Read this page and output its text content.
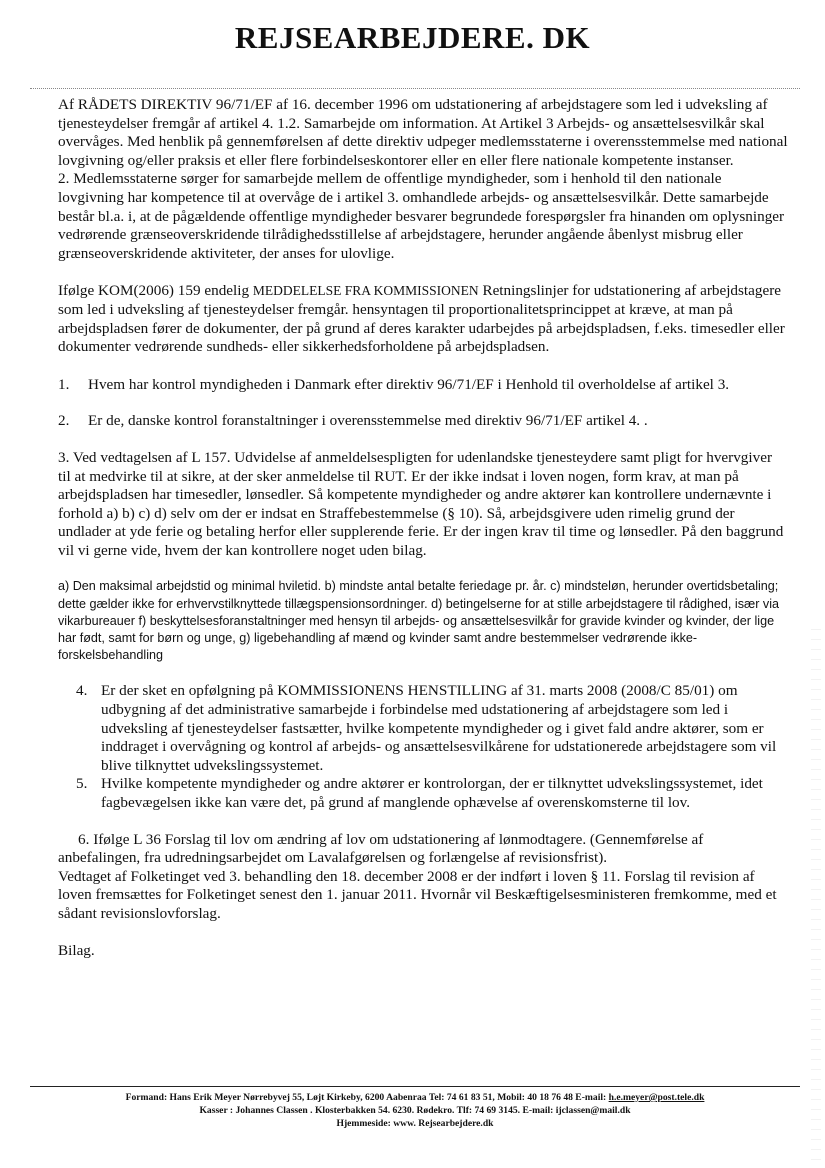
REJSEARBEJDERE. DK

Af RÅDETS DIREKTIV 96/71/EF af 16. december 1996 om udstationering af arbejdstagere som led i udveksling af tjenesteydelser fremgår af artikel 4. 1.2. Samarbejde om information. At Artikel 3 Arbejds- og ansættelsesvilkår skal overvåges. Med henblik på gennemførelsen af dette direktiv udpeger medlemsstaterne i overensstemmelse med national lovgivning og/eller praksis et eller flere forbindelseskontorer eller en eller flere nationale kompetente instanser.

2. Medlemsstaterne sørger for samarbejde mellem de offentlige myndigheder, som i henhold til den nationale lovgivning har kompetence til at overvåge de i artikel 3. omhandlede arbejds- og ansættelsesvilkår. Dette samarbejde består bl.a. i, at de pågældende offentlige myndigheder besvarer begrundede forespørgsler fra hinanden om oplysninger vedrørende grænseoverskridende tilrådighedsstillelse af arbejdstagere, herunder angående åbenlyst misbrug eller grænseoverskridende aktiviteter, der anses for ulovlige.

Ifølge KOM(2006) 159 endelig MEDDELELSE FRA KOMMISSIONEN Retningslinjer for udstationering af arbejdstagere som led i udveksling af tjenesteydelser fremgår. hensyntagen til proportionalitetsprincippet at kræve, at man på arbejdspladsen fører de dokumenter, der på grund af deres karakter udarbejdes på arbejdspladsen, f.eks. timesedler eller dokumenter vedrørende sundheds- eller sikkerhedsforholdene på arbejdspladsen.

1.	Hvem har kontrol myndigheden i Danmark efter direktiv 96/71/EF i Henhold til overholdelse af artikel 3.
2.	Er de, danske kontrol foranstaltninger i overensstemmelse med direktiv 96/71/EF artikel 4. .

3. Ved vedtagelsen af L 157. Udvidelse af anmeldelsespligten for udenlandske tjenesteydere samt pligt for hvervgiver til at medvirke til at sikre, at der sker anmeldelse til RUT. Er der ikke indsat i loven nogen, form krav, at man på arbejdspladsen har timesedler, lønsedler. Så kompetente myndigheder og andre aktører kan kontrollere undernævnte i forhold a) b) c) d) selv om der er indsat en Straffebestemmelse (§ 10). Så, arbejdsgivere uden rimelig grund der undlader at yde ferie og betaling herfor eller supplerende ferie. Er der ingen krav til time og lønsedler. På den baggrund vil vi gerne vide, hvem der kan kontrollere noget uden bilag.

a) Den maksimal arbejdstid og minimal hviletid. b) mindste antal betalte feriedage pr. år. c) mindsteløn, herunder overtidsbetaling; dette gælder ikke for erhvervstilknyttede tillægspensionsordninger. d) betingelserne for at stille arbejdstagere til rådighed, især via vikarbureauer f) beskyttelsesforanstaltninger med hensyn til arbejds- og ansættelsesvilkår for gravide kvinder og kvinder, der lige har født, samt for børn og unge, g) ligebehandling af mænd og kvinder samt andre bestemmelser vedrørende ikke-forskelsbehandling

4. Er der sket en opfølgning på KOMMISSIONENS HENSTILLING af 31. marts 2008 (2008/C 85/01) om udbygning af det administrative samarbejde i forbindelse med udstationering af arbejdstagere som led i udveksling af tjenesteydelser fastsætter, hvilke kompetente myndigheder og i givet fald andre aktører, som er inddraget i overvågning og kontrol af arbejds- og ansættelsesvilkårene for udstationerede arbejdstagere som vil blive tilknyttet udvekslingssystemet.
5. Hvilke kompetente myndigheder og andre aktører er kontrolorgan, der er tilknyttet udvekslingssystemet, idet fagbevægelsen ikke kan være det, på grund af manglende ophævelse af overenskomsterne til lov.

6. Ifølge L 36 Forslag til lov om ændring af lov om udstationering af lønmodtagere. (Gennemførelse af anbefalingen, fra udredningsarbejdet om Lavalafgørelsen og forlængelse af revisionsfrist).

Vedtaget af Folketinget ved 3. behandling den 18. december 2008 er der indført i loven § 11. Forslag til revision af loven fremsættes for Folketinget senest den 1. januar 2011. Hvornår vil Beskæftigelsesministeren fremkomme, med et sådant revisionslovforslag.

Bilag.

Formand: Hans Erik Meyer Nørrebyvej 55, Løjt Kirkeby, 6200 Aabenraa Tel: 74 61 83 51, Mobil: 40 18 76 48 E-mail: h.e.meyer@post.tele.dk
Kasser : Johannes Classen . Klosterbakken 54. 6230. Rødekro. Tlf: 74 69 3145. E-mail: ijclassen@mail.dk
Hjemmeside: www. Rejsearbejdere.dk
